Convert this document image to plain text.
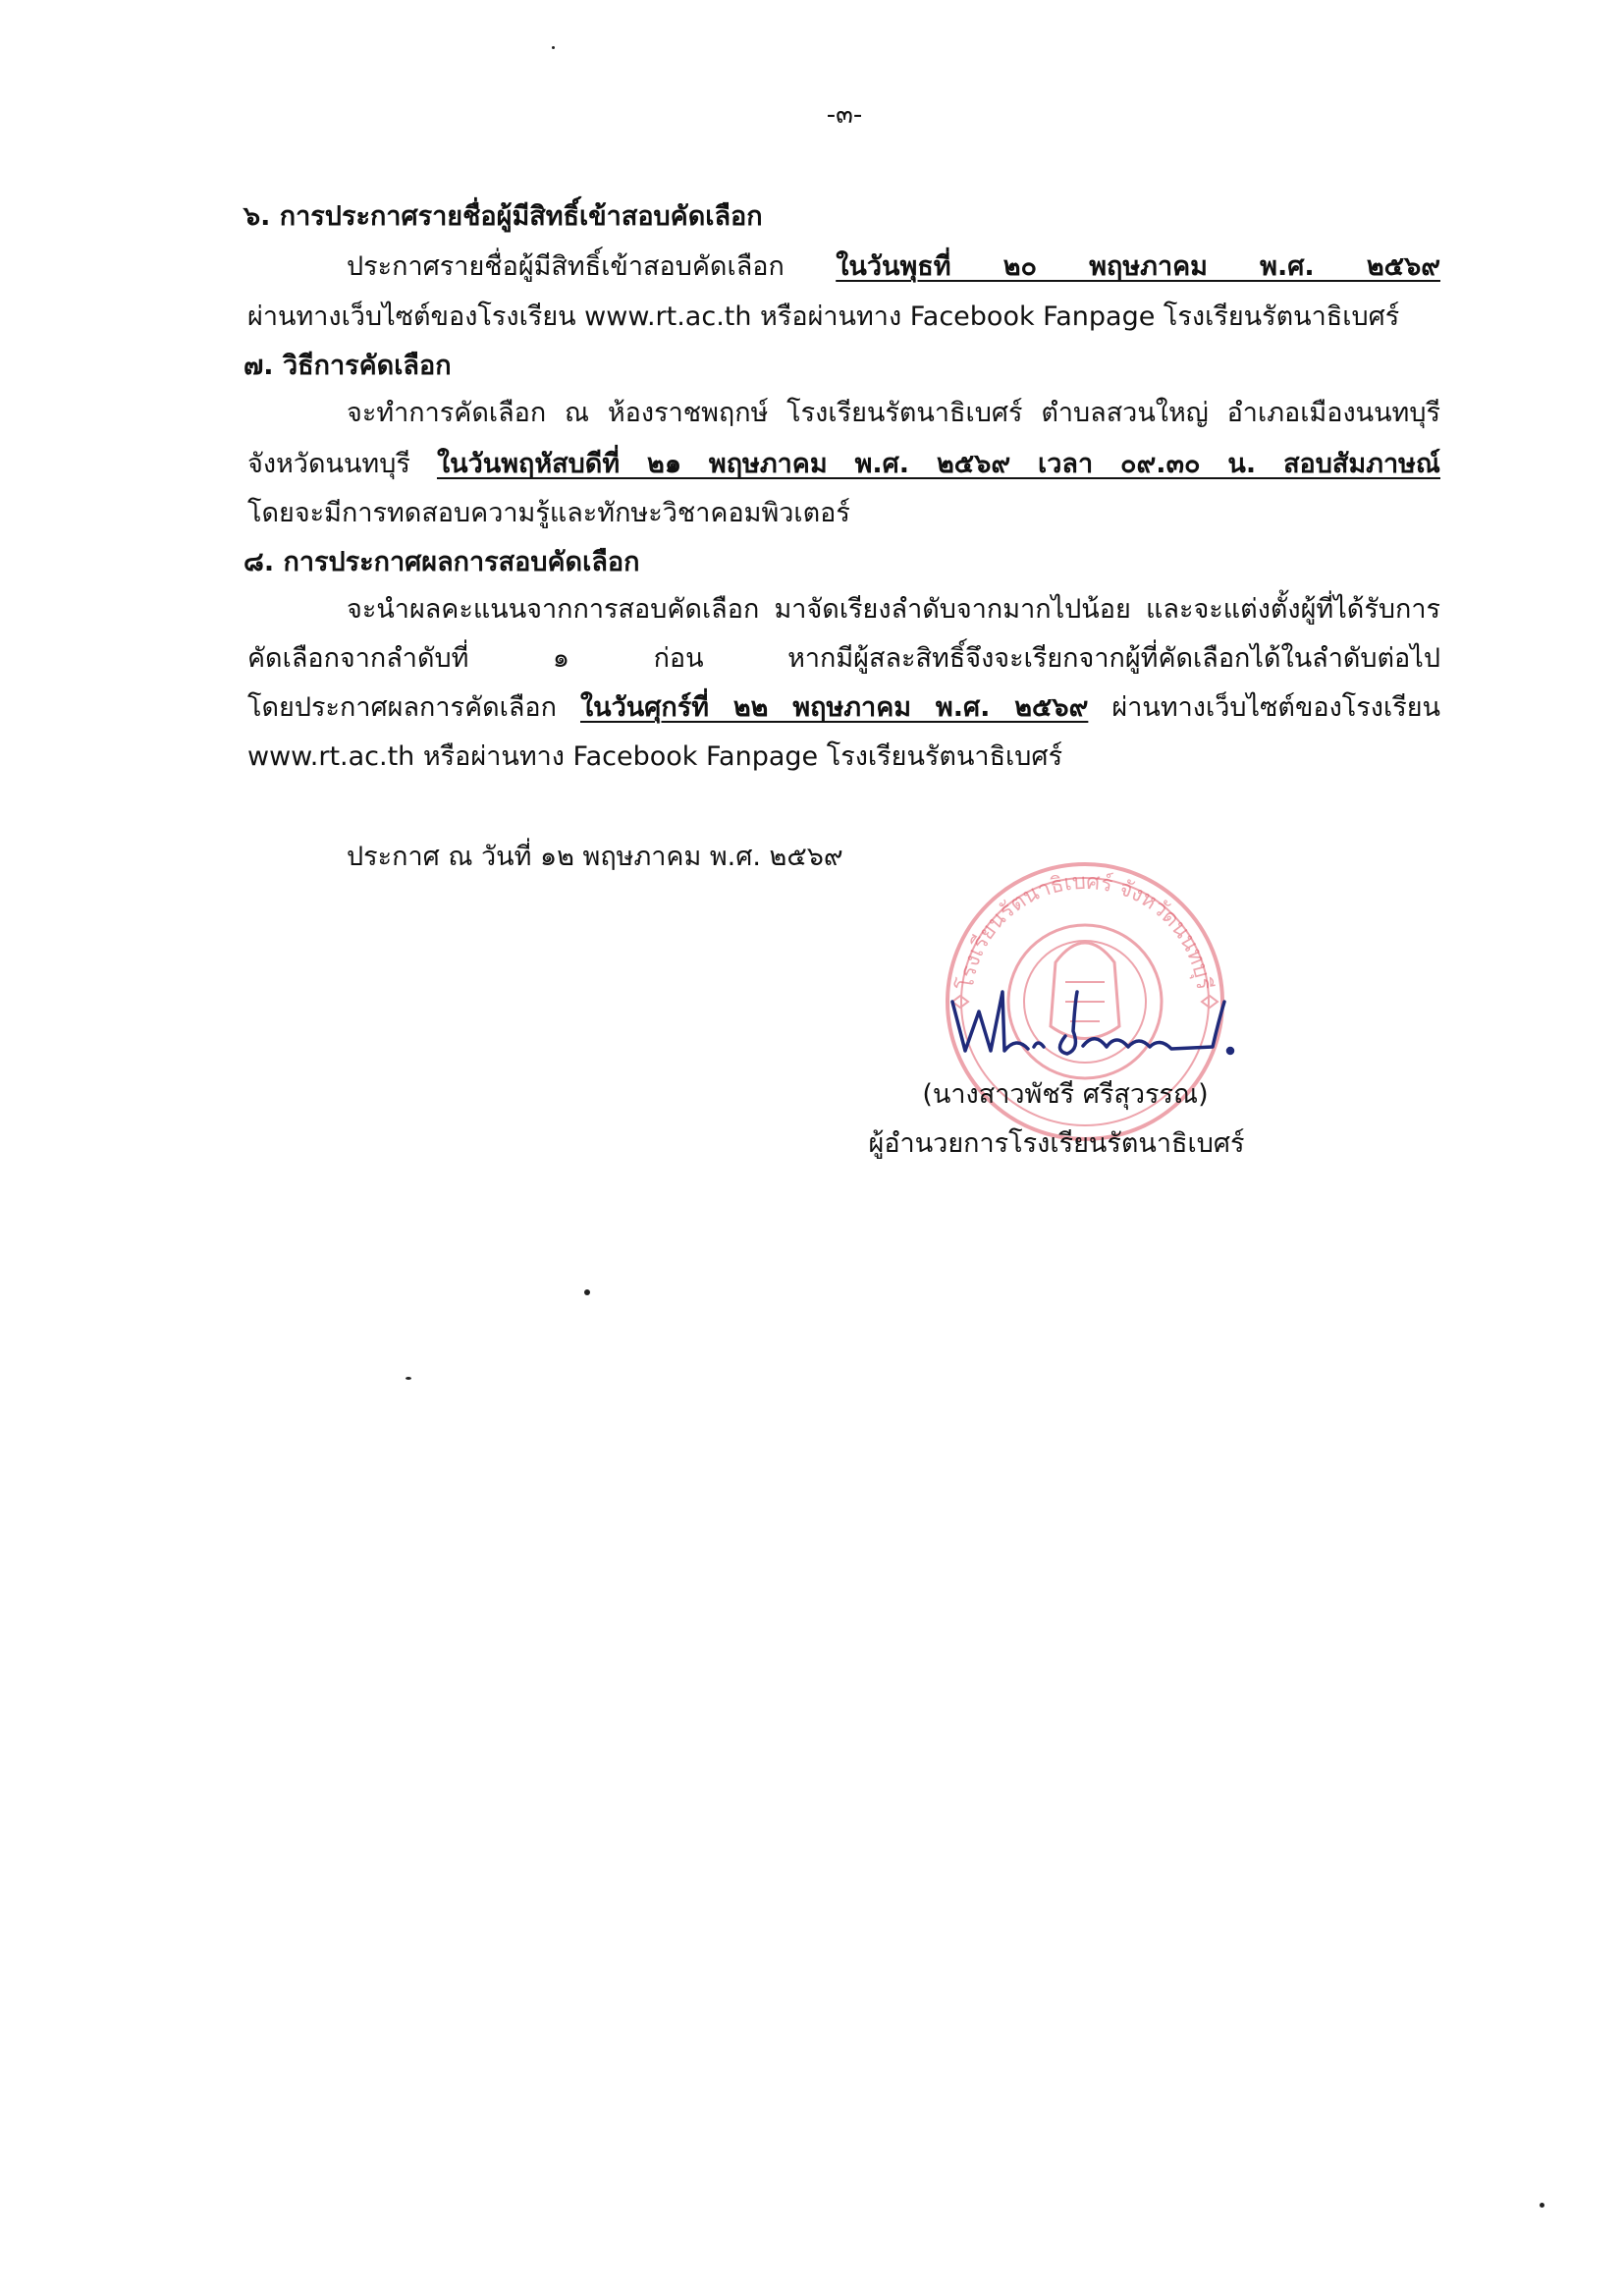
-๓-
๖. การประกาศรายชื่อผู้มีสิทธิ์เข้าสอบคัดเลือก
ประกาศรายชื่อผู้มีสิทธิ์เข้าสอบคัดเลือก ในวันพุธที่ ๒๐ พฤษภาคม พ.ศ. ๒๕๖๙
ผ่านทางเว็บไซต์ของโรงเรียน www.rt.ac.th หรือผ่านทาง Facebook Fanpage โรงเรียนรัตนาธิเบศร์
๗. วิธีการคัดเลือก
จะทำการคัดเลือก ณ ห้องราชพฤกษ์ โรงเรียนรัตนาธิเบศร์ ตำบลสวนใหญ่ อำเภอเมืองนนทบุรี
จังหวัดนนทบุรี ในวันพฤหัสบดีที่ ๒๑ พฤษภาคม พ.ศ. ๒๕๖๙ เวลา ๐๙.๓๐ น. สอบสัมภาษณ์
โดยจะมีการทดสอบความรู้และทักษะวิชาคอมพิวเตอร์
๘. การประกาศผลการสอบคัดเลือก
จะนำผลคะแนนจากการสอบคัดเลือก มาจัดเรียงลำดับจากมากไปน้อย และจะแต่งตั้งผู้ที่ได้รับการ
คัดเลือกจากลำดับที่ ๑ ก่อน หากมีผู้สละสิทธิ์จึงจะเรียกจากผู้ที่คัดเลือกได้ในลำดับต่อไป
โดยประกาศผลการคัดเลือก ในวันศุกร์ที่ ๒๒ พฤษภาคม พ.ศ. ๒๕๖๙ ผ่านทางเว็บไซต์ของโรงเรียน
www.rt.ac.th หรือผ่านทาง Facebook Fanpage โรงเรียนรัตนาธิเบศร์
ประกาศ ณ วันที่ ๑๒ พฤษภาคม พ.ศ. ๒๕๖๙
โรงเรียนรัตนาธิเบศร์ จังหวัดนนทบุรี
(นางสาวพัชรี ศรีสุวรรณ)
ผู้อำนวยการโรงเรียนรัตนาธิเบศร์
